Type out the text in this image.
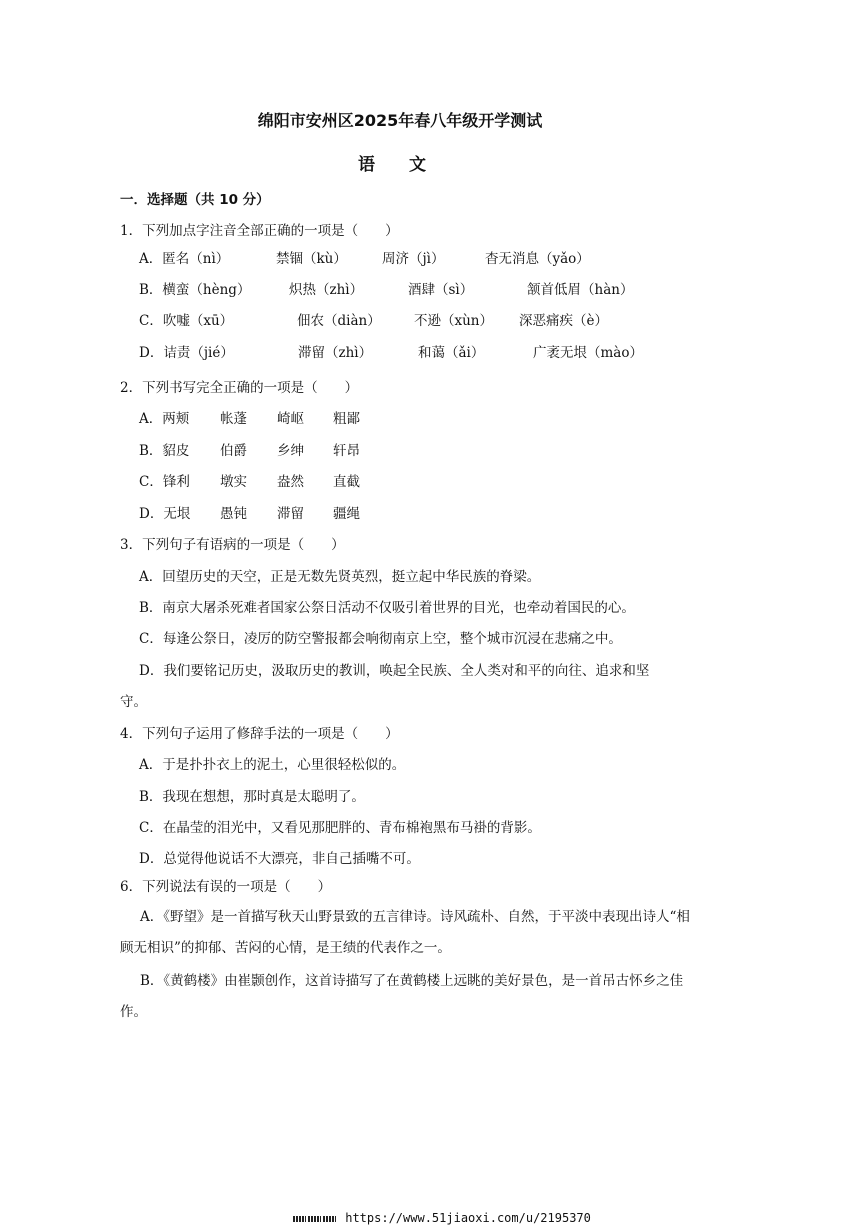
绵阳市安州区2025年春八年级开学测试
语　　文
一．选择题（共 10 分）
1．下列加点字注音全部正确的一项是（　　）
A．匿名（nì）	禁锢（kù）	周济（jì）	杳无消息（yǎo）
B．横蛮（hèng）	炽热（zhì）	酒肆（sì）	颔首低眉（hàn）
C．吹嘘（xū）	佃农（diàn） 不逊（xùn） 深恶痛疾（è）
D．诘责（jié）	滞留（zhì）	和蔼（ǎi）	广袤无垠（mào）
2．下列书写完全正确的一项是（　　）
A．两颊 帐蓬 崎岖 粗鄙
B．貂皮 伯爵 乡绅 轩昂
C．锋利 墩实 盎然 直截
D．无垠 愚钝 滞留 疆绳
3．下列句子有语病的一项是（　　）
A．回望历史的天空，正是无数先贤英烈，挺立起中华民族的脊梁。
B．南京大屠杀死难者国家公祭日活动不仅吸引着世界的目光，也牵动着国民的心。
C．每逢公祭日，凌厉的防空警报都会响彻南京上空，整个城市沉浸在悲痛之中。
D．我们要铭记历史，汲取历史的教训，唤起全民族、全人类对和平的向往、追求和坚
守。
4．下列句子运用了修辞手法的一项是（　　）
A．于是扑扑衣上的泥土，心里很轻松似的。
B．我现在想想，那时真是太聪明了。
C．在晶莹的泪光中，又看见那肥胖的、青布棉袍黑布马褂的背影。
D．总觉得他说话不大漂亮，非自己插嘴不可。
6．下列说法有误的一项是（　　）
A．《野望》是一首描写秋天山野景致的五言律诗。诗风疏朴、自然，于平淡中表现出诗人“相顾无相识”的抑郁、苦闷的心情，是王绩的代表作之一。
B．《黄鹤楼》由崔颢创作，这首诗描写了在黄鹤楼上远眺的美好景色，是一首吊古怀乡之佳作。
https://www.51jiaoxi.com/u/2195370
